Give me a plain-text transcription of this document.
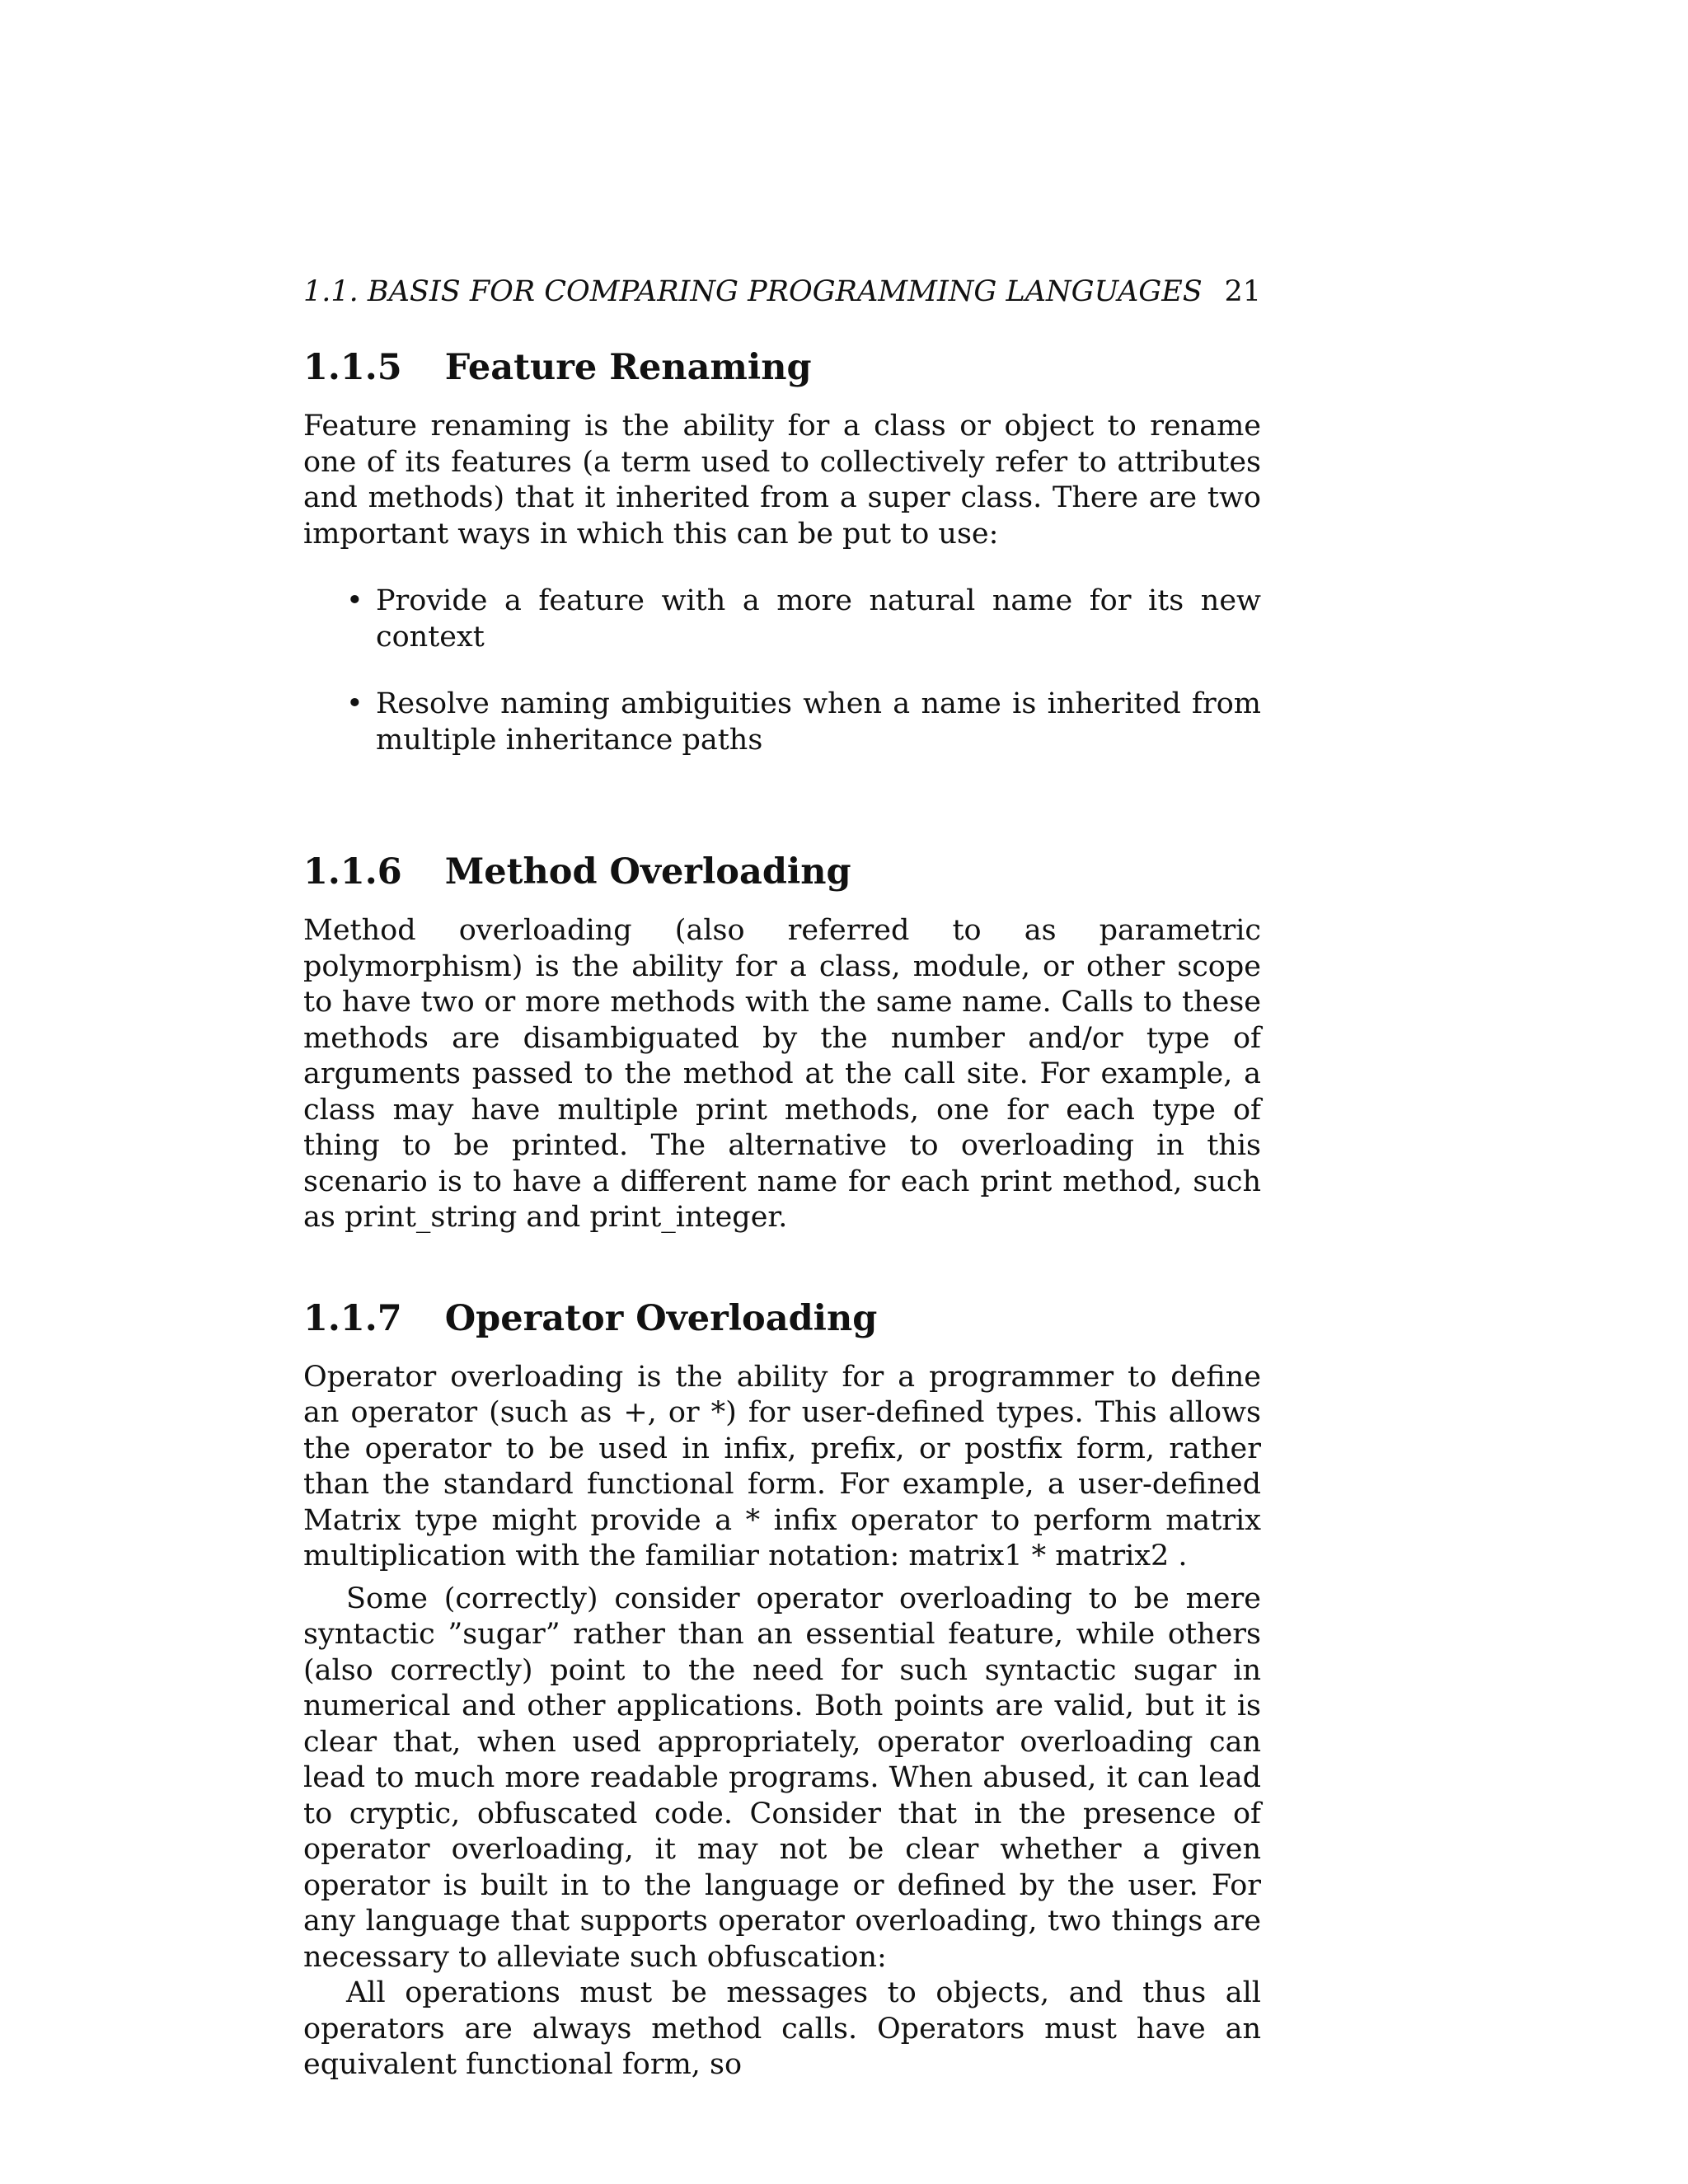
1.1. BASIS FOR COMPARING PROGRAMMING LANGUAGES 21
1.1.5 Feature Renaming

Feature renaming is the ability for a class or object to rename one of its features (a term used to collectively refer to attributes and methods) that it inherited from a super class. There are two important ways in which this can be put to use:

• Provide a feature with a more natural name for its new context
• Resolve naming ambiguities when a name is inherited from multiple inheritance paths
1.1.6 Method Overloading

Method overloading (also referred to as parametric polymorphism) is the ability for a class, module, or other scope to have two or more methods with the same name. Calls to these methods are disambiguated by the number and/or type of arguments passed to the method at the call site. For example, a class may have multiple print methods, one for each type of thing to be printed. The alternative to overloading in this scenario is to have a different name for each print method, such as print_string and print_integer.

1.1.7 Operator Overloading

Operator overloading is the ability for a programmer to define an operator (such as +, or *) for user-defined types. This allows the operator to be used in infix, prefix, or postfix form, rather than the standard functional form. For example, a user-defined Matrix type might provide a * infix operator to perform matrix multiplication with the familiar notation: matrix1 * matrix2 .

Some (correctly) consider operator overloading to be mere syntactic ”sugar” rather than an essential feature, while others (also correctly) point to the need for such syntactic sugar in numerical and other applications. Both points are valid, but it is clear that, when used appropriately, operator overloading can lead to much more readable programs. When abused, it can lead to cryptic, obfuscated code. Consider that in the presence of operator overloading, it may not be clear whether a given operator is built in to the language or defined by the user. For any language that supports operator overloading, two things are necessary to alleviate such obfuscation:

All operations must be messages to objects, and thus all operators are always method calls. Operators must have an equivalent functional form, so
